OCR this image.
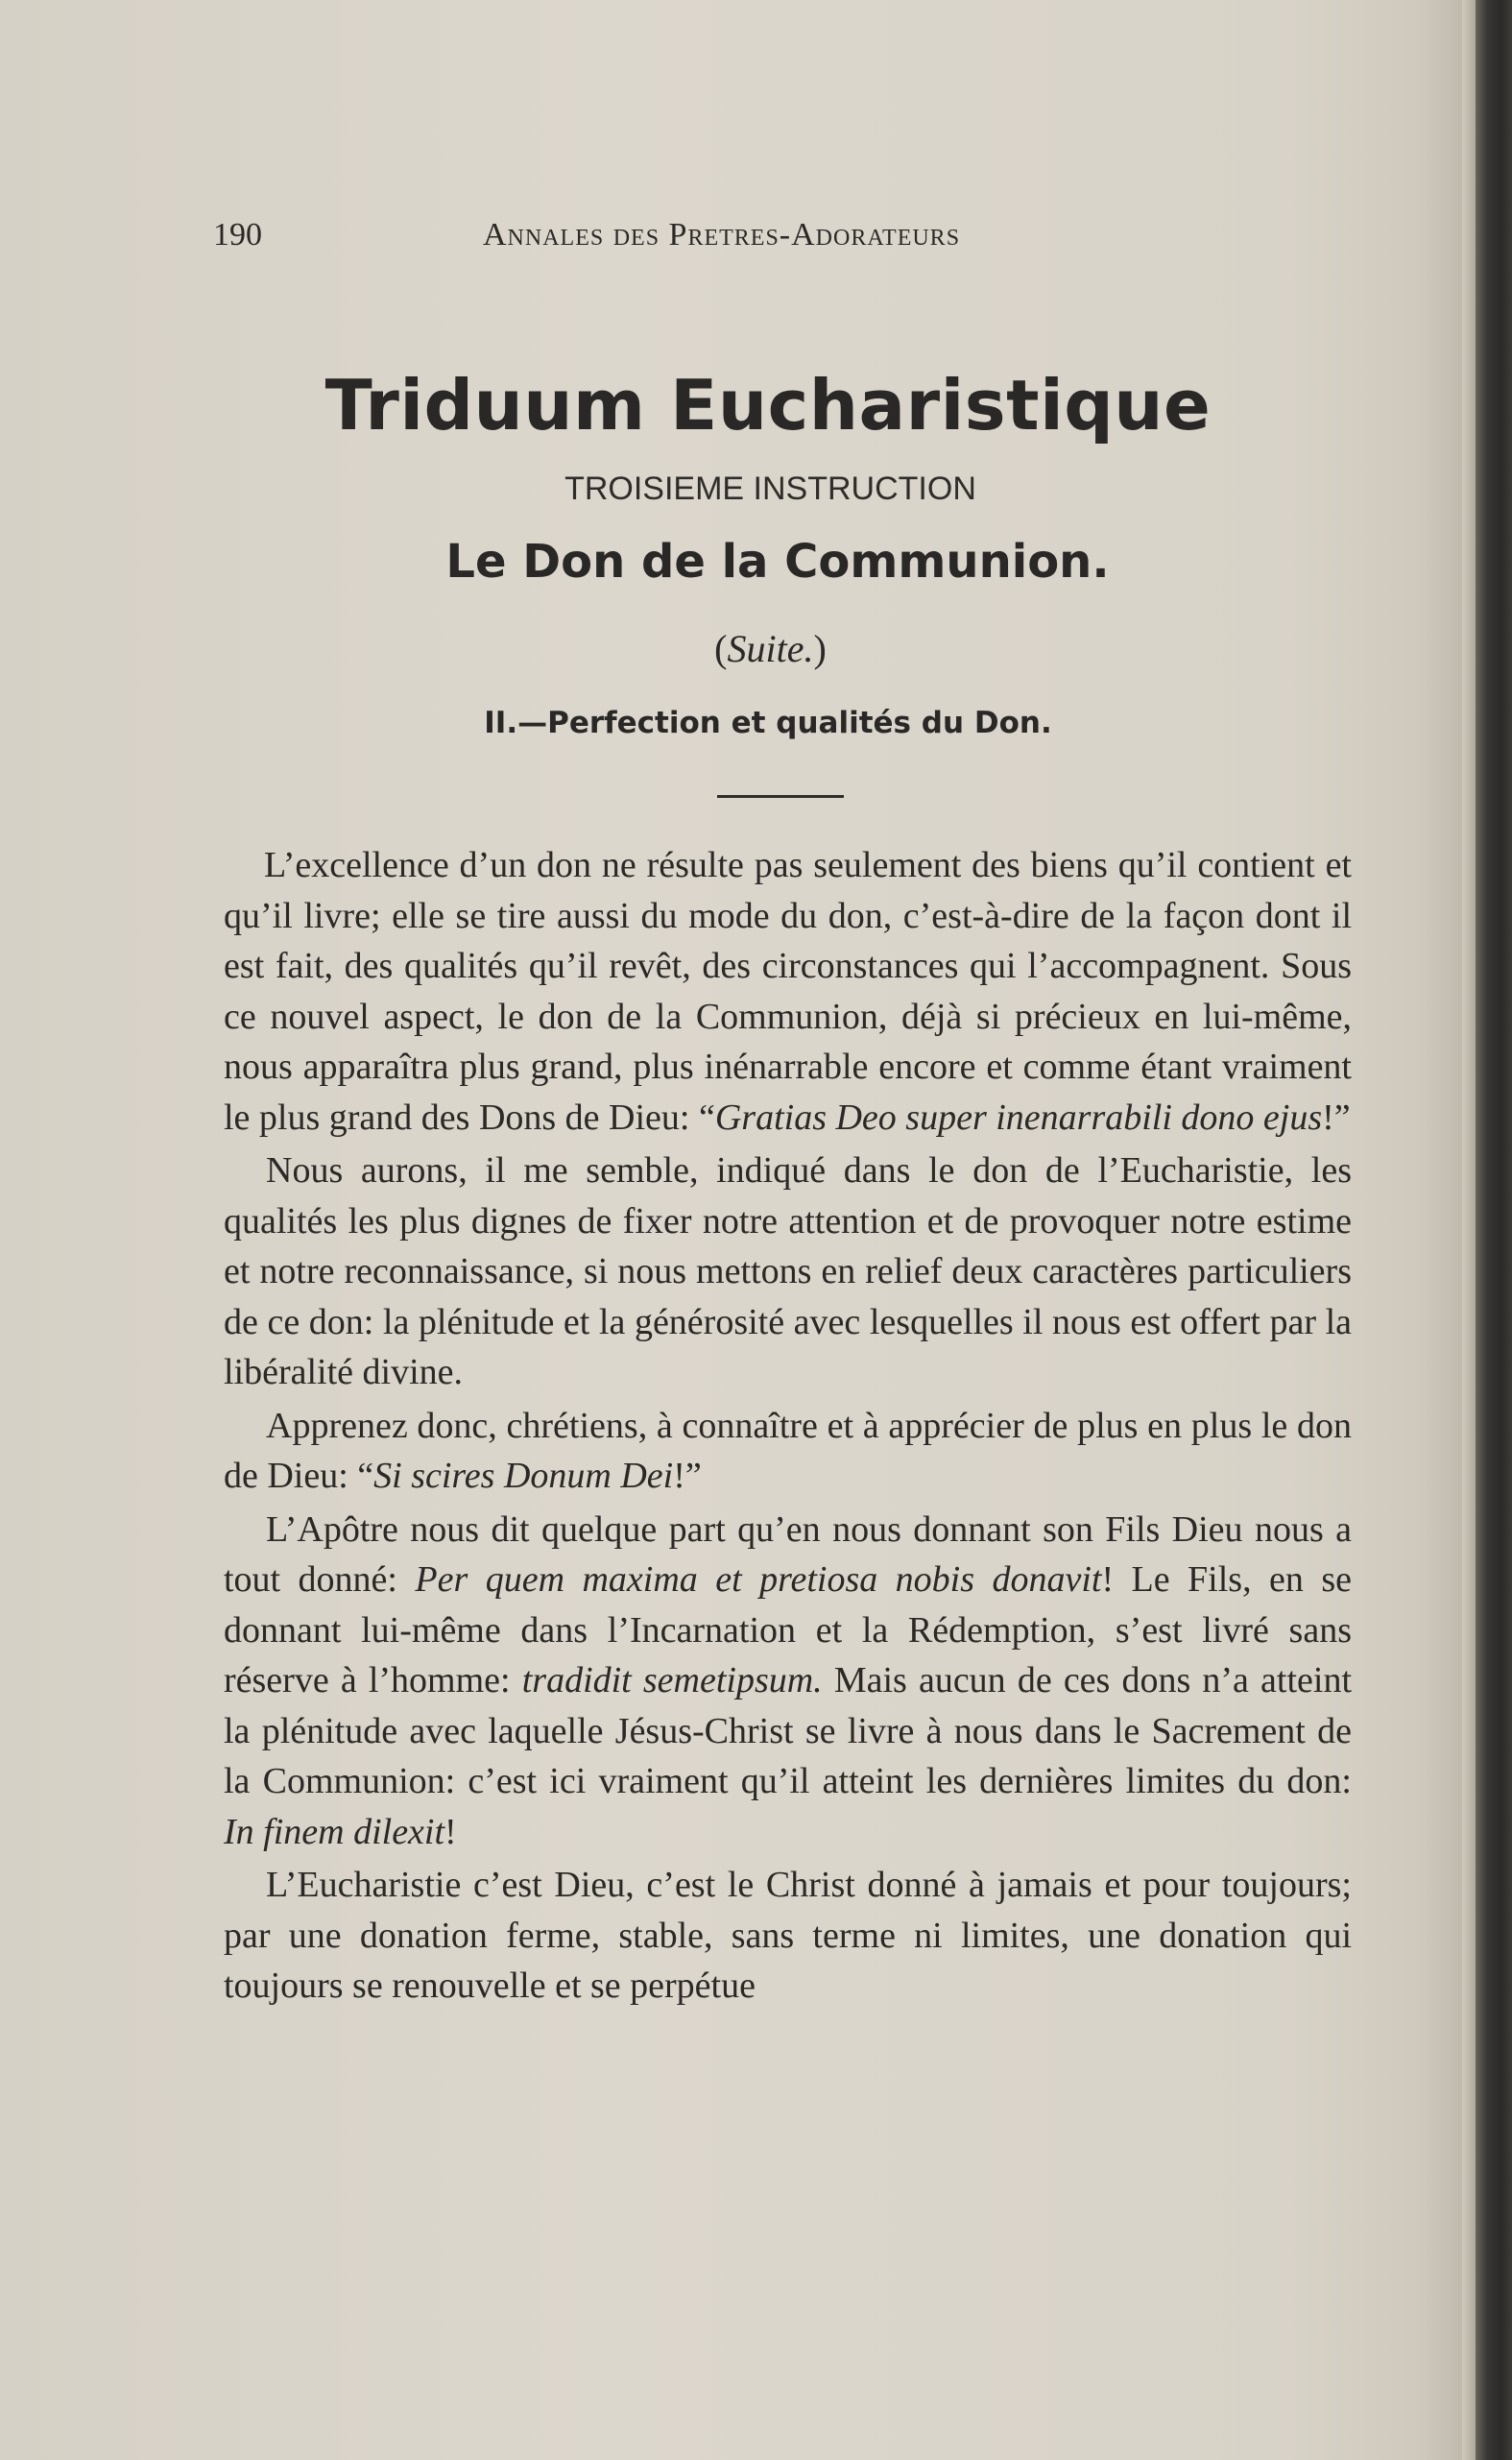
190	Annales des Pretres-Adorateurs
Triduum Eucharistique
TROISIEME INSTRUCTION
Le Don de la Communion.
(Suite.)
II.—Perfection et qualités du Don.

L’excellence d’un don ne résulte pas seulement des biens qu’il contient et qu’il livre; elle se tire aussi du mode du don, c’est-à-dire de la façon dont il est fait, des qualités qu’il revêt, des circonstances qui l’accompagnent. Sous ce nouvel aspect, le don de la Communion, déjà si précieux en lui-même, nous apparaîtra plus grand, plus inénarrable encore et comme étant vraiment le plus grand des Dons de Dieu: “Gratias Deo super inenarrabili dono ejus!”

Nous aurons, il me semble, indiqué dans le don de l’Eucharistie, les qualités les plus dignes de fixer notre attention et de provoquer notre estime et notre reconnaissance, si nous mettons en relief deux caractères particuliers de ce don: la plénitude et la générosité avec lesquelles il nous est offert par la libéralité divine.

Apprenez donc, chrétiens, à connaître et à apprécier de plus en plus le don de Dieu: “Si scires Donum Dei!”

L’Apôtre nous dit quelque part qu’en nous donnant son Fils Dieu nous a tout donné: Per quem maxima et pretiosa nobis donavit! Le Fils, en se donnant lui-même dans l’Incarnation et la Rédemption, s’est livré sans réserve à l’homme: tradidit semetipsum. Mais aucun de ces dons n’a atteint la plénitude avec laquelle Jésus-Christ se livre à nous dans le Sacrement de la Communion: c’est ici vraiment qu’il atteint les dernières limites du don: In finem dilexit!

L’Eucharistie c’est Dieu, c’est le Christ donné à jamais et pour toujours; par une donation ferme, stable, sans terme ni limites, une donation qui toujours se renouvelle et se perpétue
